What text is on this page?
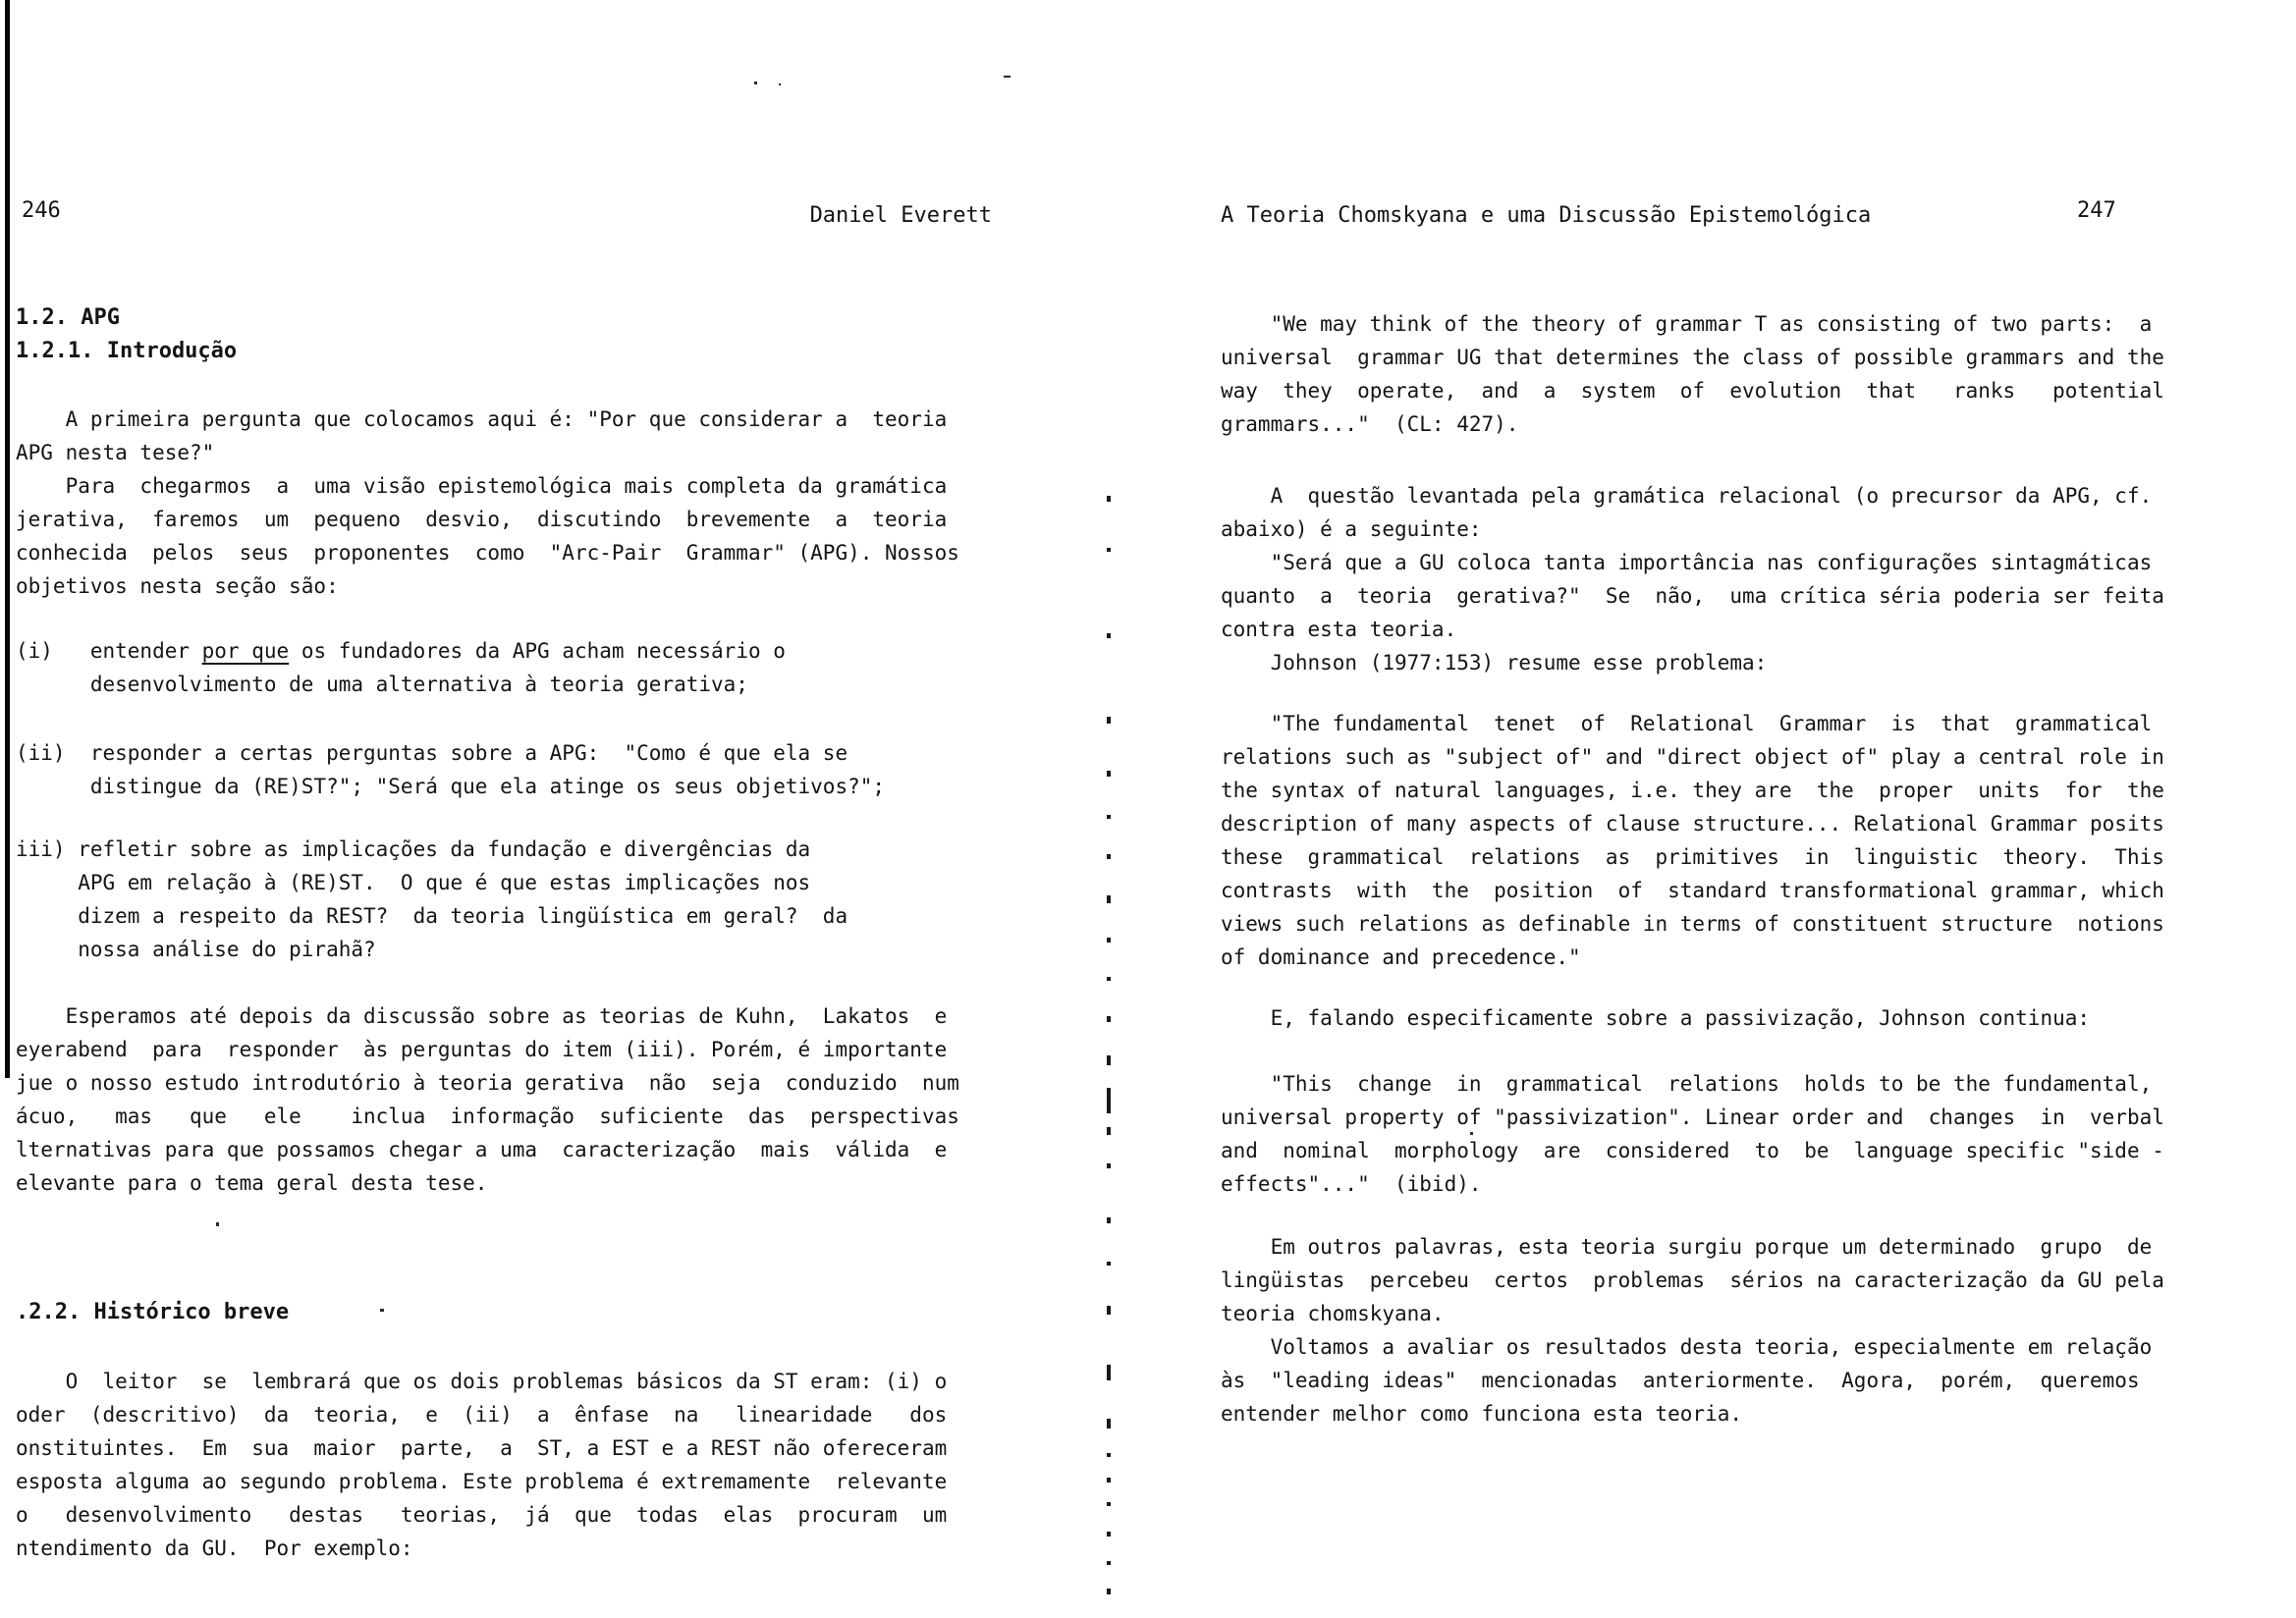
246	Daniel Everett
1.2. APG
1.2.1. Introdução
A primeira pergunta que colocamos aqui é: "Por que considerar a  teoria
APG nesta tese?"
Para  chegarmos  a  uma visão epistemológica mais completa da gramática
jerativa,  faremos  um  pequeno  desvio,  discutindo  brevemente  a  teoria
conhecida  pelos  seus  proponentes  como  "Arc-Pair  Grammar" (APG). Nossos
objetivos nesta seção são:
(i)   entender por que os fundadores da APG acham necessário o
desenvolvimento de uma alternativa à teoria gerativa;
(ii)  responder a certas perguntas sobre a APG:  "Como é que ela se
distingue da (RE)ST?"; "Será que ela atinge os seus objetivos?";
iii) refletir sobre as implicações da fundação e divergências da
APG em relação à (RE)ST.  O que é que estas implicações nos
dizem a respeito da REST?  da teoria lingüística em geral?  da
nossa análise do pirahã?
Esperamos até depois da discussão sobre as teorias de Kuhn,  Lakatos  e
eyerabend  para  responder  às perguntas do item (iii). Porém, é importante
jue o nosso estudo introdutório à teoria gerativa  não  seja  conduzido  num
ácuo,   mas   que   ele    inclua  informação  suficiente  das  perspectivas
lternativas para que possamos chegar a uma  caracterização  mais  válida  e
elevante para o tema geral desta tese.
.2.2. Histórico breve
O  leitor  se  lembrará que os dois problemas básicos da ST eram: (i) o
oder  (descritivo)  da  teoria,  e  (ii)  a  ênfase  na   linearidade   dos
onstituintes.  Em  sua  maior  parte,  a  ST, a EST e a REST não ofereceram
esposta alguma ao segundo problema. Este problema é extremamente  relevante
o   desenvolvimento   destas   teorias,  já  que  todas  elas  procuram  um
ntendimento da GU.  Por exemplo:
A Teoria Chomskyana e uma Discussão Epistemológica	247
"We may think of the theory of grammar T as consisting of two parts:  a
universal  grammar UG that determines the class of possible grammars and the
way  they  operate,  and  a  system  of  evolution  that   ranks   potential
grammars..."  (CL: 427).
A  questão levantada pela gramática relacional (o precursor da APG, cf.
abaixo) é a seguinte:
"Será que a GU coloca tanta importância nas configurações sintagmáticas
quanto  a  teoria  gerativa?"  Se  não,  uma crítica séria poderia ser feita
contra esta teoria.
Johnson (1977:153) resume esse problema:
"The fundamental  tenet  of  Relational  Grammar  is  that  grammatical
relations such as "subject of" and "direct object of" play a central role in
the syntax of natural languages, i.e. they are  the  proper  units  for  the
description of many aspects of clause structure... Relational Grammar posits
these  grammatical  relations  as  primitives  in  linguistic  theory.  This
contrasts  with  the  position  of  standard transformational grammar, which
views such relations as definable in terms of constituent structure  notions
of dominance and precedence."
E, falando especificamente sobre a passivização, Johnson continua:
"This  change  in  grammatical  relations  holds to be the fundamental,
universal property of "passivization". Linear order and  changes  in  verbal
and  nominal  morphology  are  considered  to  be  language specific "side -
effects"..."  (ibid).
Em outros palavras, esta teoria surgiu porque um determinado  grupo  de
lingüistas  percebeu  certos  problemas  sérios na caracterização da GU pela
teoria chomskyana.
Voltamos a avaliar os resultados desta teoria, especialmente em relação
às  "leading ideas"  mencionadas  anteriormente.  Agora,  porém,  queremos
entender melhor como funciona esta teoria.
